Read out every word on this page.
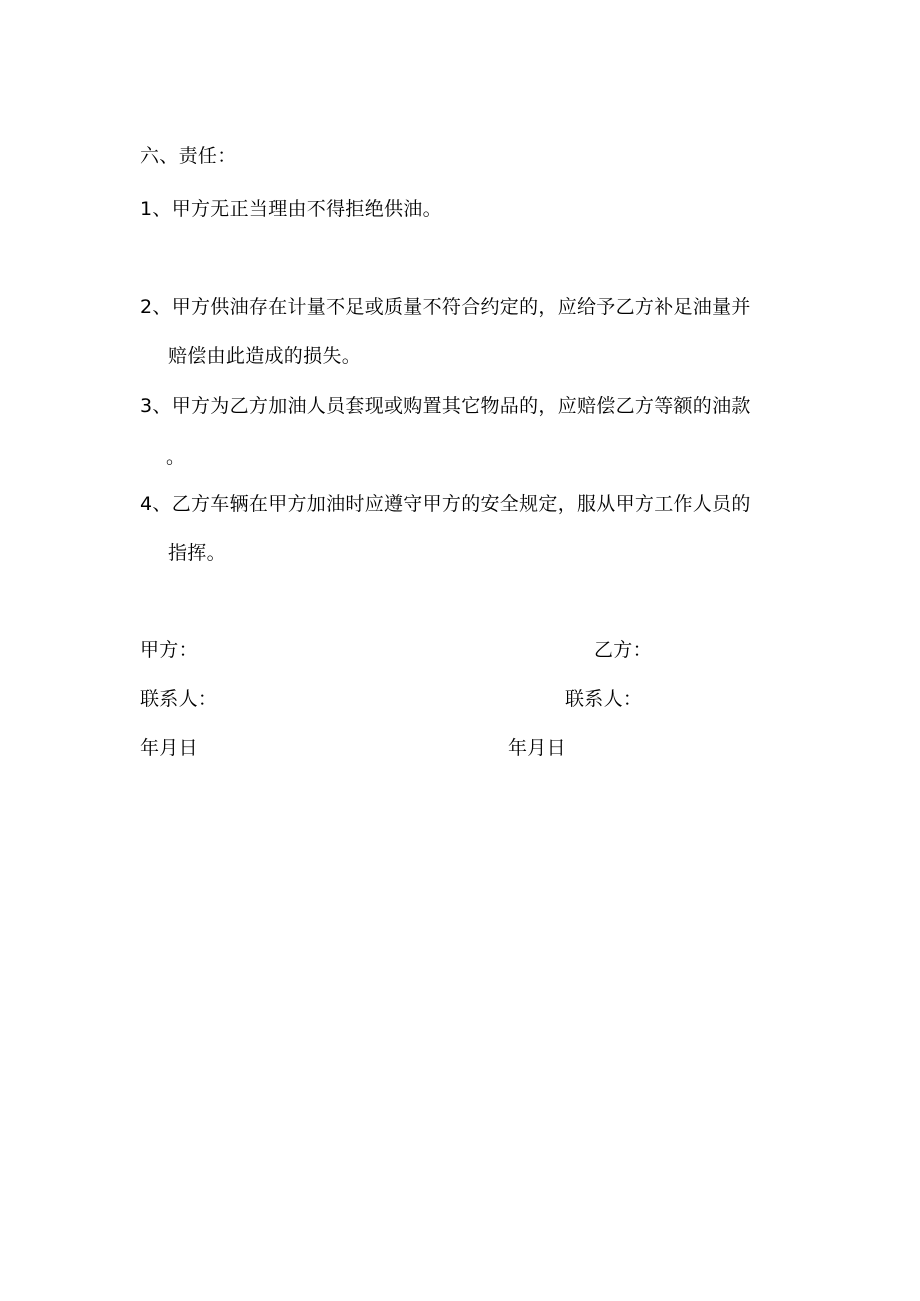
六、责任：
1、甲方无正当理由不得拒绝供油。
2、甲方供油存在计量不足或质量不符合约定的，应给予乙方补足油量并
赔偿由此造成的损失。
3、甲方为乙方加油人员套现或购置其它物品的，应赔偿乙方等额的油款
。
4、乙方车辆在甲方加油时应遵守甲方的安全规定，服从甲方工作人员的
指挥。
甲方：	乙方：
联系人：	联系人：
年月日	年月日
